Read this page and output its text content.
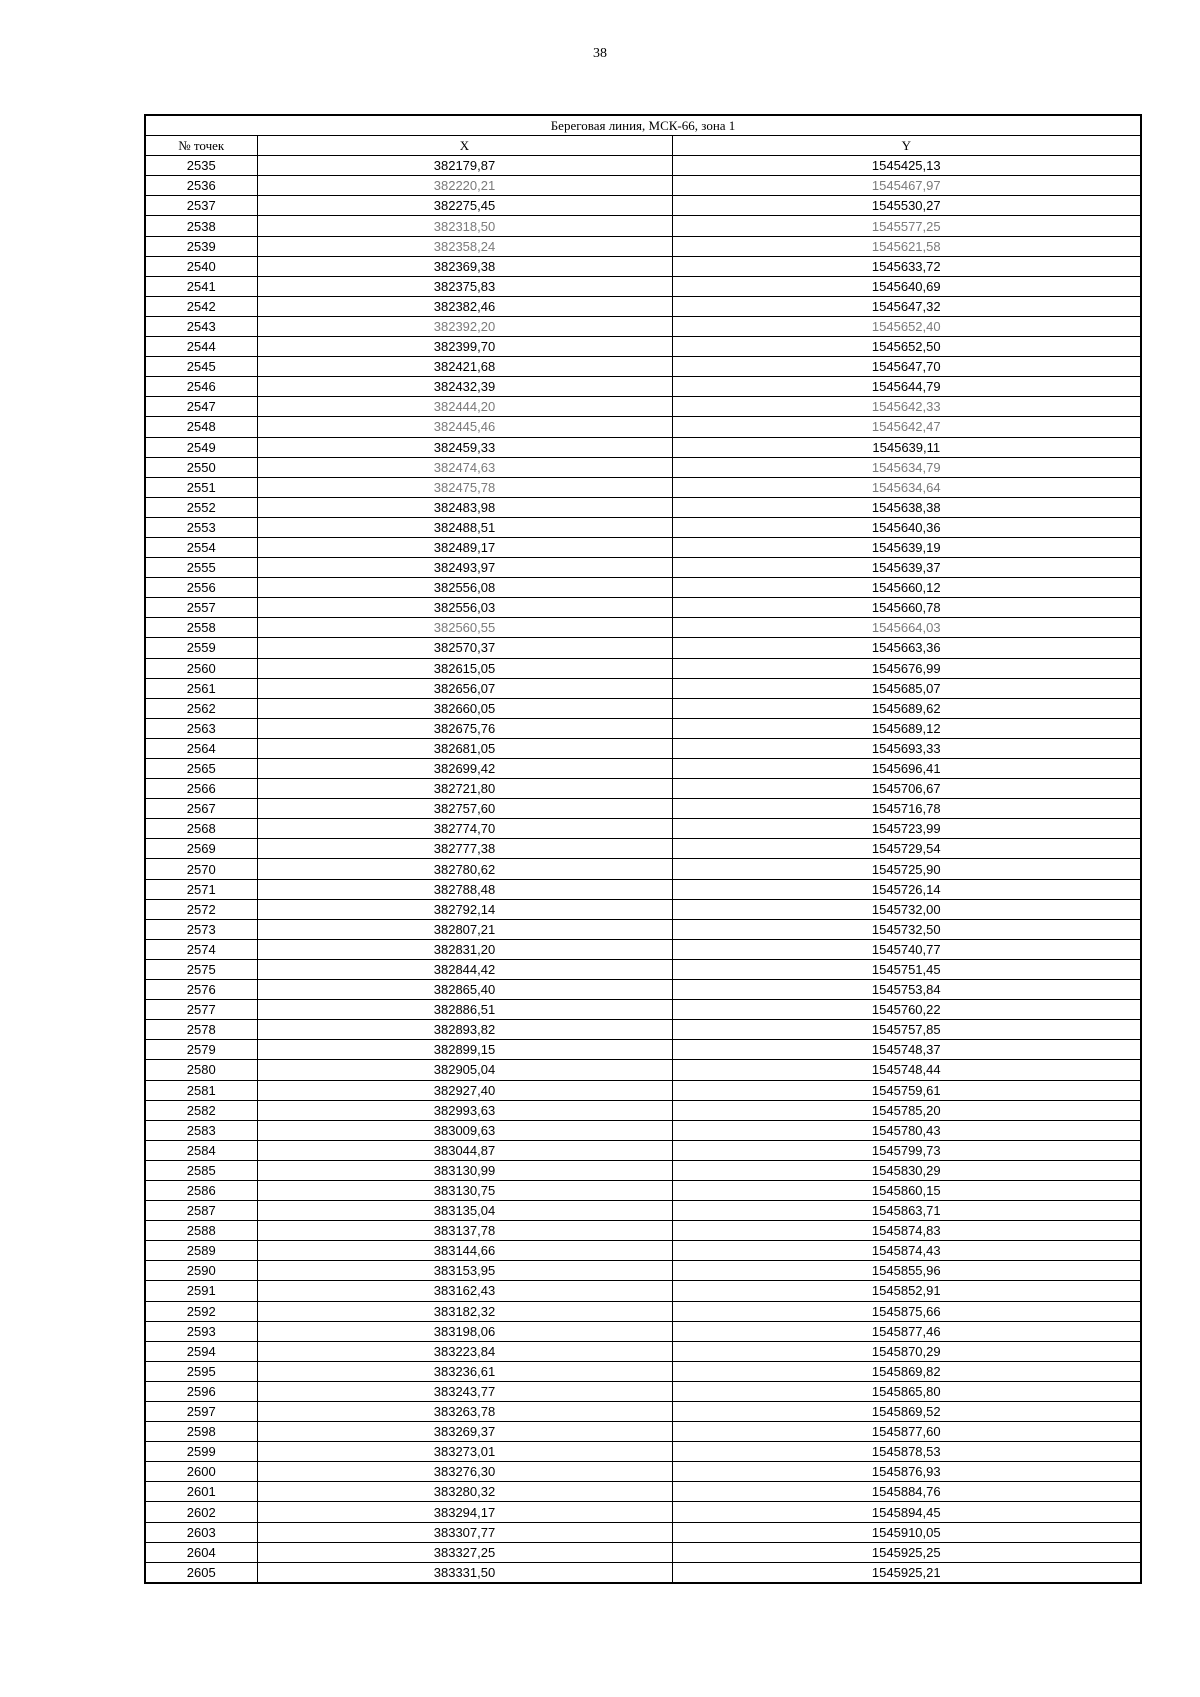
38
Береговая линия, МСК-66, зона 1		
№ точек	X	Y
2535	382179,87	1545425,13
2536	382220,21	1545467,97
2537	382275,45	1545530,27
2538	382318,50	1545577,25
2539	382358,24	1545621,58
2540	382369,38	1545633,72
2541	382375,83	1545640,69
2542	382382,46	1545647,32
2543	382392,20	1545652,40
2544	382399,70	1545652,50
2545	382421,68	1545647,70
2546	382432,39	1545644,79
2547	382444,20	1545642,33
2548	382445,46	1545642,47
2549	382459,33	1545639,11
2550	382474,63	1545634,79
2551	382475,78	1545634,64
2552	382483,98	1545638,38
2553	382488,51	1545640,36
2554	382489,17	1545639,19
2555	382493,97	1545639,37
2556	382556,08	1545660,12
2557	382556,03	1545660,78
2558	382560,55	1545664,03
2559	382570,37	1545663,36
2560	382615,05	1545676,99
2561	382656,07	1545685,07
2562	382660,05	1545689,62
2563	382675,76	1545689,12
2564	382681,05	1545693,33
2565	382699,42	1545696,41
2566	382721,80	1545706,67
2567	382757,60	1545716,78
2568	382774,70	1545723,99
2569	382777,38	1545729,54
2570	382780,62	1545725,90
2571	382788,48	1545726,14
2572	382792,14	1545732,00
2573	382807,21	1545732,50
2574	382831,20	1545740,77
2575	382844,42	1545751,45
2576	382865,40	1545753,84
2577	382886,51	1545760,22
2578	382893,82	1545757,85
2579	382899,15	1545748,37
2580	382905,04	1545748,44
2581	382927,40	1545759,61
2582	382993,63	1545785,20
2583	383009,63	1545780,43
2584	383044,87	1545799,73
2585	383130,99	1545830,29
2586	383130,75	1545860,15
2587	383135,04	1545863,71
2588	383137,78	1545874,83
2589	383144,66	1545874,43
2590	383153,95	1545855,96
2591	383162,43	1545852,91
2592	383182,32	1545875,66
2593	383198,06	1545877,46
2594	383223,84	1545870,29
2595	383236,61	1545869,82
2596	383243,77	1545865,80
2597	383263,78	1545869,52
2598	383269,37	1545877,60
2599	383273,01	1545878,53
2600	383276,30	1545876,93
2601	383280,32	1545884,76
2602	383294,17	1545894,45
2603	383307,77	1545910,05
2604	383327,25	1545925,25
2605	383331,50	1545925,21
